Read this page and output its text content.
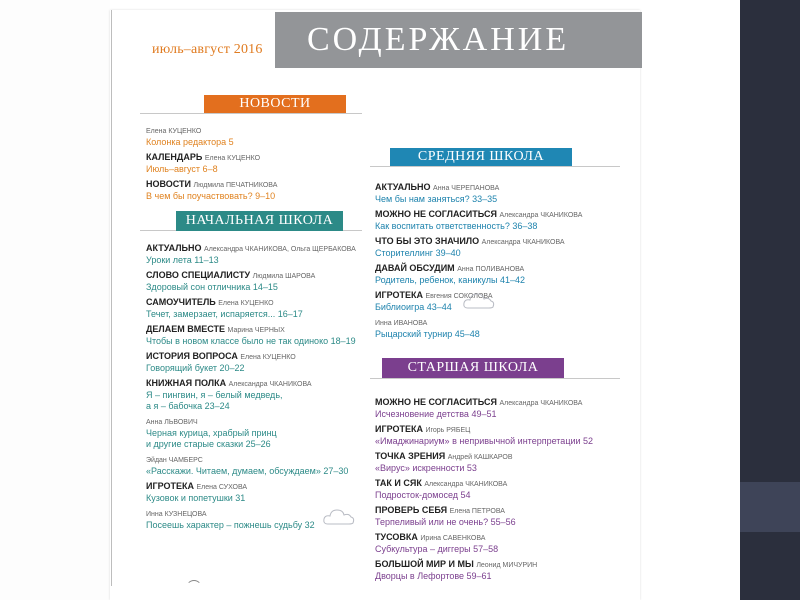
июль–август 2016 СОДЕРЖАНИЕ
НОВОСТИ
Елена КУЦЕНКО
Колонка редактора 5
КАЛЕНДАРЬ Елена КУЦЕНКО
Июль–август 6–8
НОВОСТИ Людмила ПЕЧАТНИКОВА
В чем бы поучаствовать? 9–10
НАЧАЛЬНАЯ ШКОЛА
АКТУАЛЬНО Александра ЧКАНИКОВА, Ольга ЩЕРБАКОВА
Уроки лета 11–13
СЛОВО СПЕЦИАЛИСТУ Людмила ШАРОВА
Здоровый сон отличника 14–15
САМОУЧИТЕЛЬ Елена КУЦЕНКО
Течет, замерзает, испаряется... 16–17
ДЕЛАЕМ ВМЕСТЕ Марина ЧЕРНЫХ
Чтобы в новом классе было не так одиноко 18–19
ИСТОРИЯ ВОПРОСА Елена КУЦЕНКО
Говорящий букет 20–22
КНИЖНАЯ ПОЛКА Александра ЧКАНИКОВА
Я – пингвин, я – белый медведь,
а я – бабочка 23–24
Анна ЛЬВОВИЧ
Черная курица, храбрый принц
и другие старые сказки 25–26
Эйдан ЧАМБЕРС
«Расскажи. Читаем, думаем, обсуждаем» 27–30
ИГРОТЕКА Елена СУХОВА
Кузовок и попетушки 31
Инна КУЗНЕЦОВА
Посеешь характер – пожнешь судьбу 32
СРЕДНЯЯ ШКОЛА
АКТУАЛЬНО Анна ЧЕРЕПАНОВА
Чем бы нам заняться? 33–35
МОЖНО НЕ СОГЛАСИТЬСЯ Александра ЧКАНИКОВА
Как воспитать ответственность? 36–38
ЧТО БЫ ЭТО ЗНАЧИЛО Александра ЧКАНИКОВА
Сторителлинг 39–40
ДАВАЙ ОБСУДИМ Анна ПОЛИВАНОВА
Родитель, ребенок, каникулы 41–42
ИГРОТЕКА Евгения СОКОЛОВА
Библиоигра 43–44
Инна ИВАНОВА
Рыцарский турнир 45–48
СТАРШАЯ ШКОЛА
МОЖНО НЕ СОГЛАСИТЬСЯ Александра ЧКАНИКОВА
Исчезновение детства 49–51
ИГРОТЕКА Игорь РЯБЕЦ
«Имаджинариум» в непривычной интерпретации 52
ТОЧКА ЗРЕНИЯ Андрей КАШКАРОВ
«Вирус» искренности 53
ТАК И СЯК Александра ЧКАНИКОВА
Подросток-домосед 54
ПРОВЕРЬ СЕБЯ Елена ПЕТРОВА
Терпеливый или не очень? 55–56
ТУСОВКА Ирина САВЕНКОВА
Субкультура – диггеры 57–58
БОЛЬШОЙ МИР И МЫ Леонид МИЧУРИН
Дворцы в Лефортове 59–61
